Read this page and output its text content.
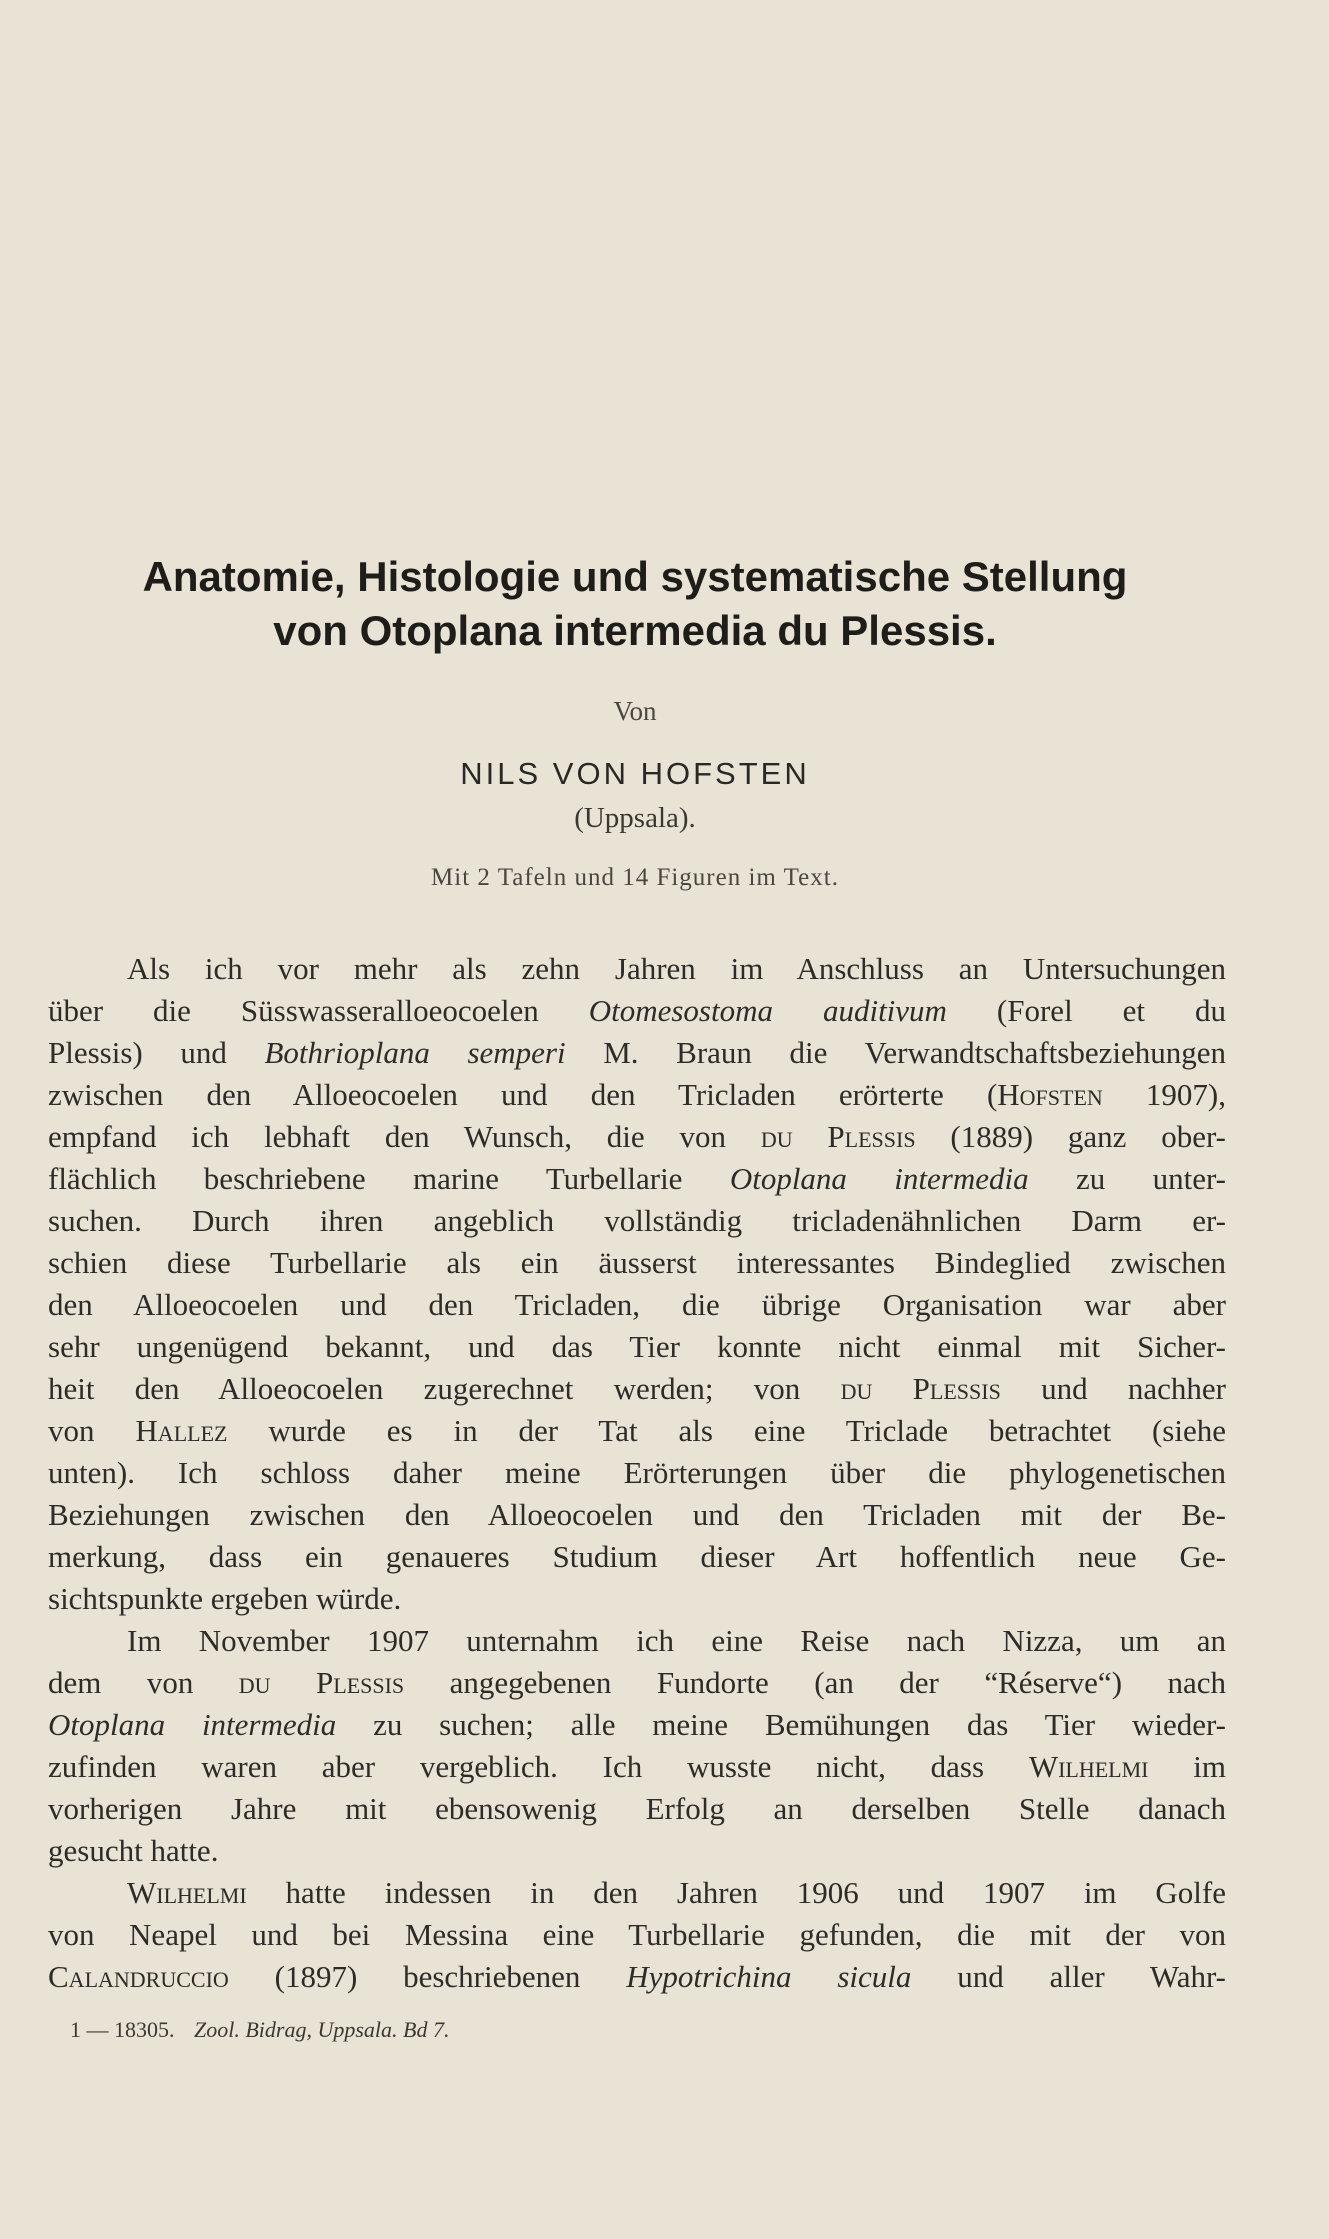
Anatomie, Histologie und systematische Stellung
von Otoplana intermedia du Plessis.
Von
NILS VON HOFSTEN
(Uppsala).
Mit 2 Tafeln und 14 Figuren im Text.
Als ich vor mehr als zehn Jahren im Anschluss an Untersuchungen
über die Süsswasseralloeocoelen Otomesostoma auditivum (Forel et du
Plessis) und Bothrioplana semperi M. Braun die Verwandtschaftsbeziehungen
zwischen den Alloeocoelen und den Tricladen erörterte (Hofsten 1907),
empfand ich lebhaft den Wunsch, die von du Plessis (1889) ganz ober-
flächlich beschriebene marine Turbellarie Otoplana intermedia zu unter-
suchen. Durch ihren angeblich vollständig tricladenähnlichen Darm er-
schien diese Turbellarie als ein äusserst interessantes Bindeglied zwischen
den Alloeocoelen und den Tricladen, die übrige Organisation war aber
sehr ungenügend bekannt, und das Tier konnte nicht einmal mit Sicher-
heit den Alloeocoelen zugerechnet werden; von du Plessis und nachher
von Hallez wurde es in der Tat als eine Triclade betrachtet (siehe
unten). Ich schloss daher meine Erörterungen über die phylogenetischen
Beziehungen zwischen den Alloeocoelen und den Tricladen mit der Be-
merkung, dass ein genaueres Studium dieser Art hoffentlich neue Ge-
sichtspunkte ergeben würde.
Im November 1907 unternahm ich eine Reise nach Nizza, um an
dem von du Plessis angegebenen Fundorte (an der “Réserve“) nach
Otoplana intermedia zu suchen; alle meine Bemühungen das Tier wieder-
zufinden waren aber vergeblich. Ich wusste nicht, dass Wilhelmi im
vorherigen Jahre mit ebensowenig Erfolg an derselben Stelle danach
gesucht hatte.
Wilhelmi hatte indessen in den Jahren 1906 und 1907 im Golfe
von Neapel und bei Messina eine Turbellarie gefunden, die mit der von
Calandruccio (1897) beschriebenen Hypotrichina sicula und aller Wahr-
1 — 18305. Zool. Bidrag, Uppsala. Bd 7.
